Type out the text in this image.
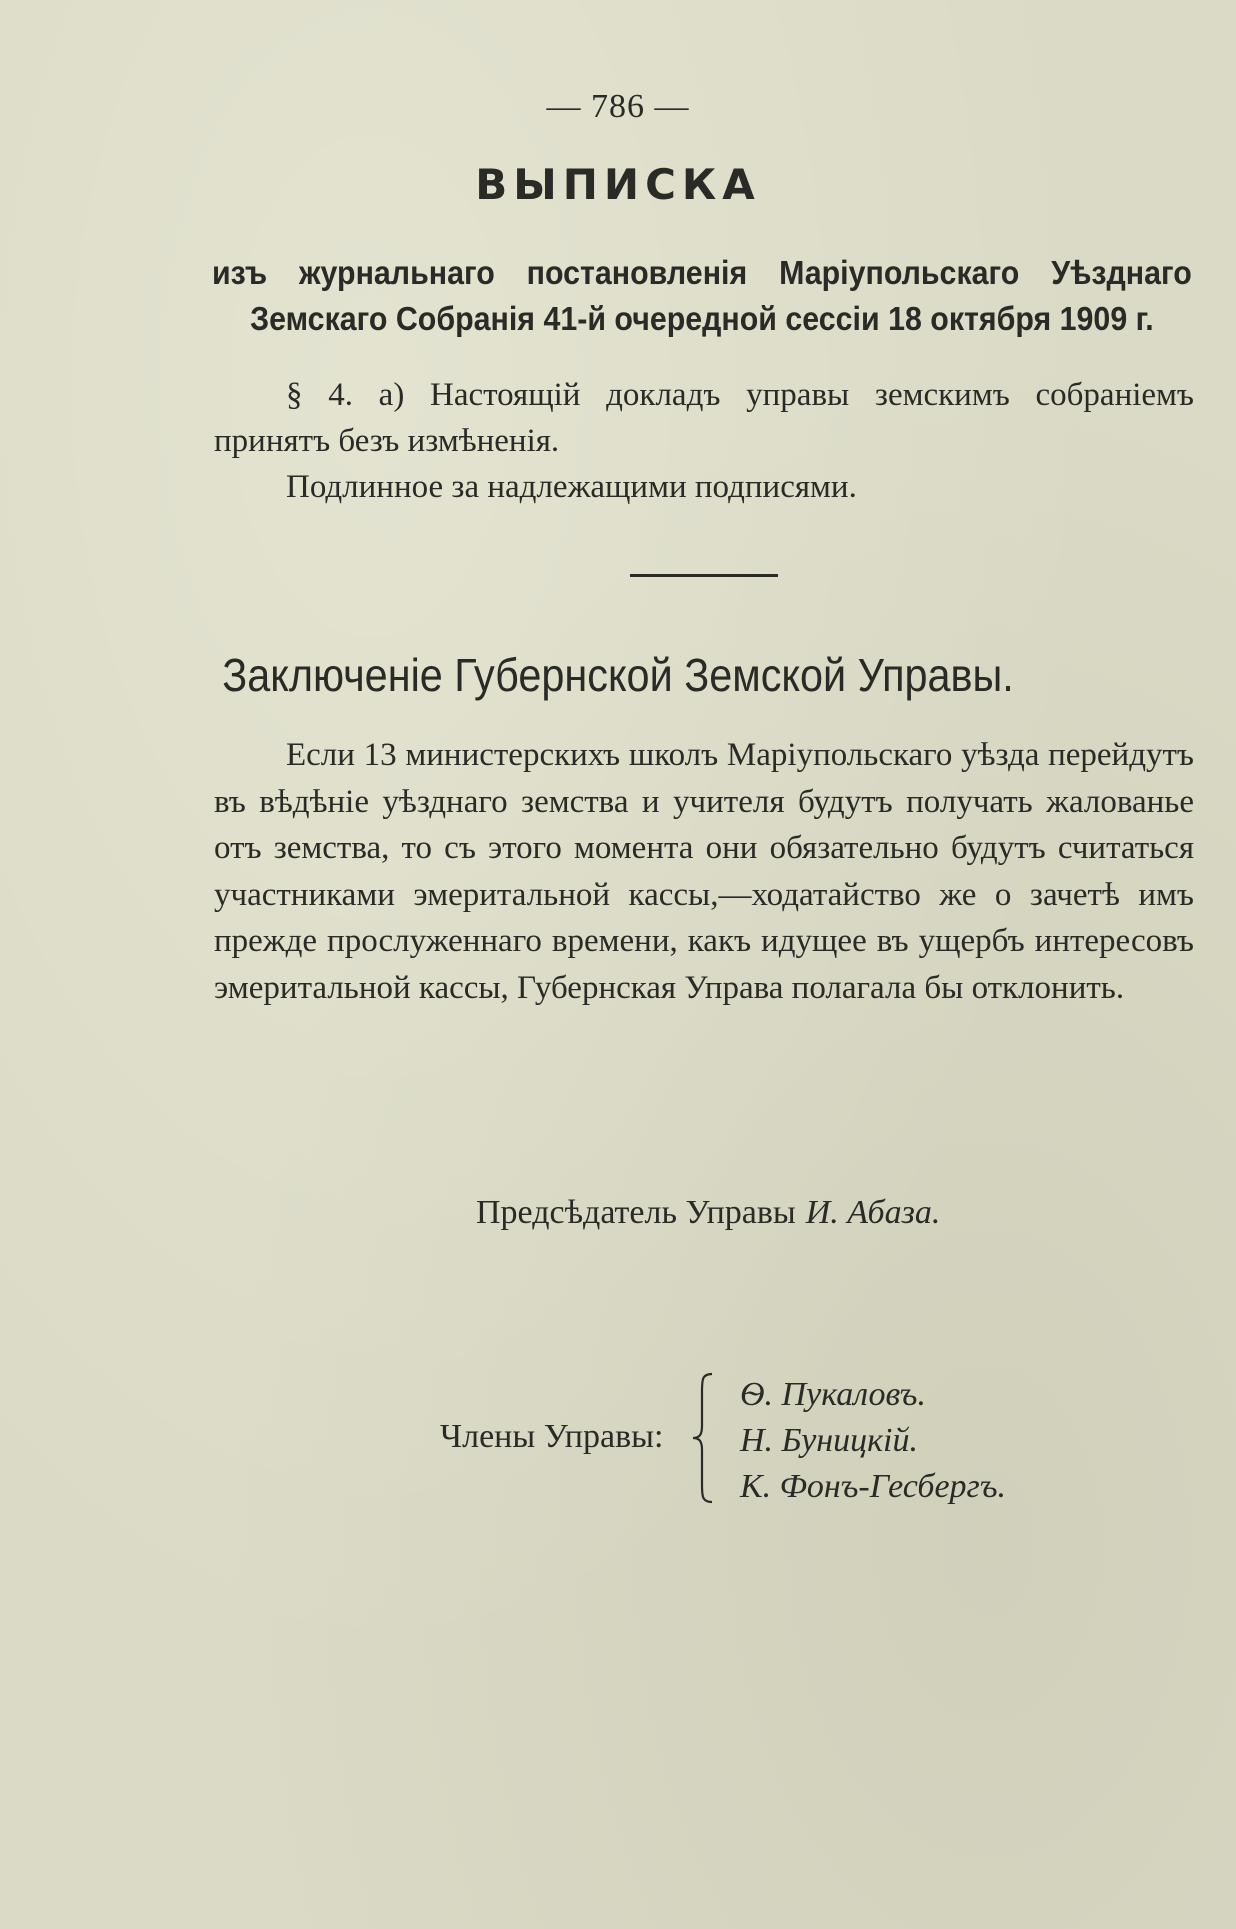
— 786 —
ВЫПИСКА
изъ журнальнаго постановленія Маріупольскаго Уѣзднаго Земскаго Собранія 41-й очередной сессіи 18 октября 1909 г.
§ 4. а) Настоящій докладъ управы земскимъ собраніемъ принятъ безъ измѣненія.
Подлинное за надлежащими подписями.
Заключеніе Губернской Земской Управы.
Если 13 министерскихъ школъ Маріупольскаго уѣзда перейдутъ въ вѣдѣніе уѣзднаго земства и учителя будутъ получать жалованье отъ земства, то съ этого момента они обязательно будутъ считаться участниками эмеритальной кассы,—ходатайство же о зачетѣ имъ прежде прослуженнаго времени, какъ идущее въ ущербъ интересовъ эмеритальной кассы, Губернская Управа полагала бы отклонить.
Предсѣдатель Управы И. Абаза.
Члены Управы:
Ѳ. Пукаловъ.
Н. Буницкій.
К. Фонъ-Гесбергъ.
